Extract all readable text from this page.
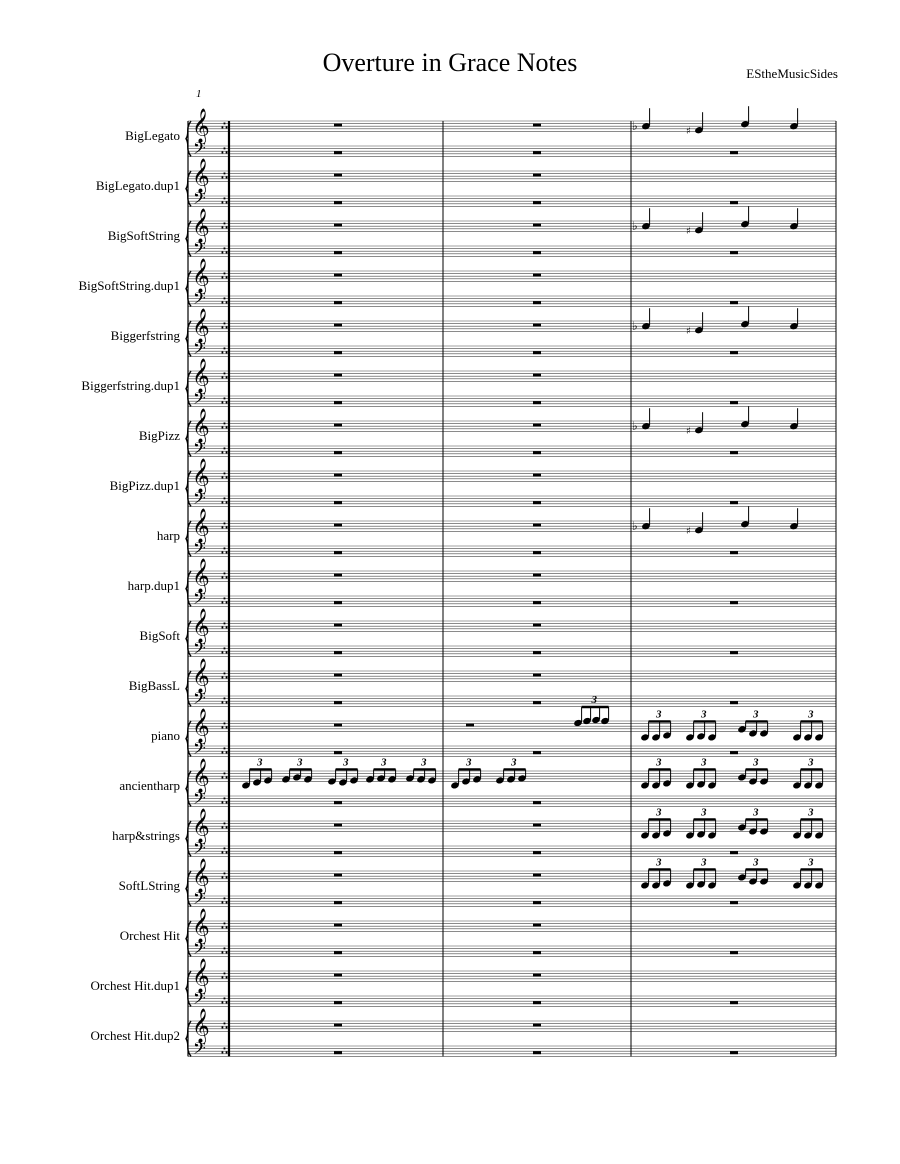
𝄞
𝄢
∴
∴
𝄞
𝄢
∴
∴
𝄞
𝄢
∴
∴
𝄞
𝄢
∴
∴
𝄞
𝄢
∴
∴
𝄞
𝄢
∴
∴
𝄞
𝄢
∴
∴
𝄞
𝄢
∴
∴
𝄞
𝄢
∴
∴
𝄞
𝄢
∴
∴
𝄞
𝄢
∴
∴
𝄞
𝄢
∴
∴
𝄞
𝄢
∴
∴
𝄞
𝄢
∴
∴
𝄞
𝄢
∴
∴
𝄞
𝄢
∴
∴
𝄞
𝄢
∴
∴
𝄞
𝄢
∴
∴
𝄞
𝄢
∴
∴
♭	♯
♭	♯
♭	♯
♭	♯
♭	♯
3
3	3	3	3
3	3	3	3	3	3	3	3	3	3	3
3	3	3	3
3	3	3	3
Overture in Grace Notes	EStheMusicSides
1
BigLegato
BigLegato.dup1
BigSoftString
BigSoftString.dup1
Biggerfstring
Biggerfstring.dup1
BigPizz
BigPizz.dup1
harp
harp.dup1
BigSoft
BigBassL
piano
ancientharp
harp&strings
SoftLString
Orchest Hit
Orchest Hit.dup1
Orchest Hit.dup2
